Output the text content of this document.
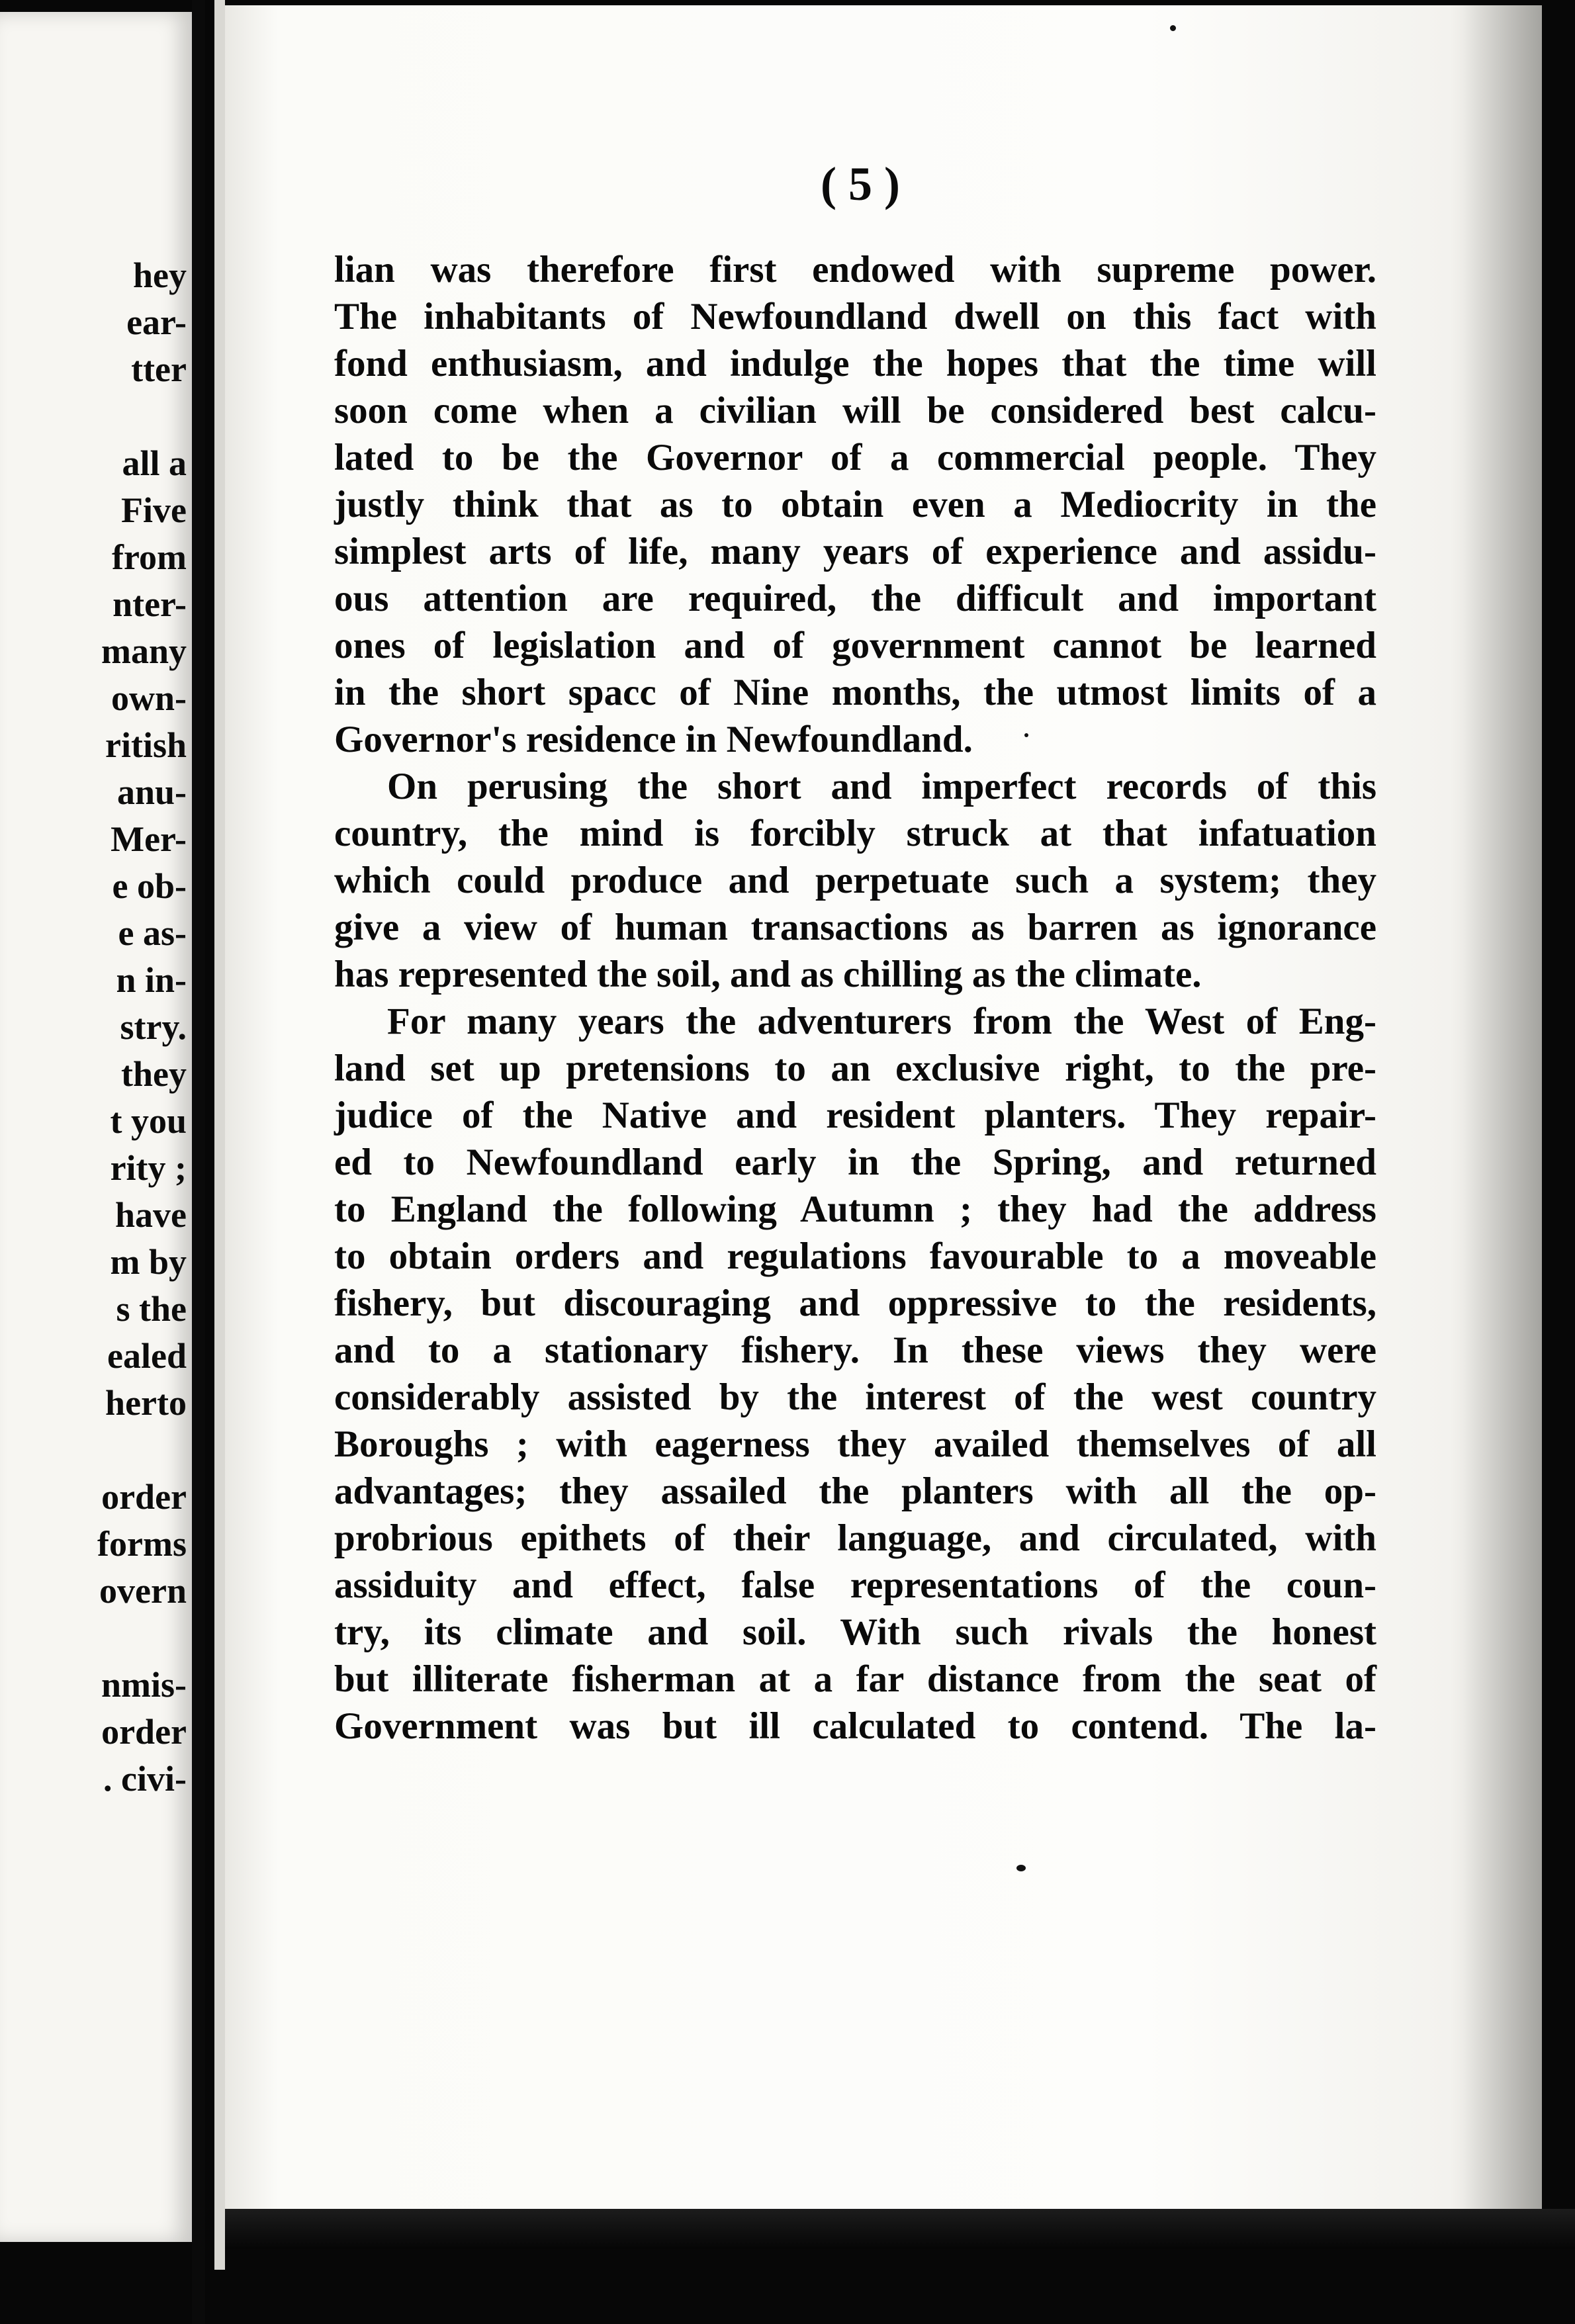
hey
ear-
tter
all a
Five
from
nter-
many
own-
ritish
anu-
Mer-
e ob-
e as-
n in-
stry.
they
t you
rity ;
have
m by
s the
ealed
herto
order
forms
overn
nmis-
order
. civi-
( 5 )
lian was therefore first endowed with supreme power.
The inhabitants of Newfoundland dwell on this fact with
fond enthusiasm, and indulge the hopes that the time will
soon come when a civilian will be considered best calcu-
lated to be the Governor of a commercial people. They
justly think that as to obtain even a Mediocrity in the
simplest arts of life, many years of experience and assidu-
ous attention are required, the difficult and important
ones of legislation and of government cannot be learned
in the short spacc of Nine months, the utmost limits of a
Governor's residence in Newfoundland.
On perusing the short and imperfect records of this
country, the mind is forcibly struck at that infatuation
which could produce and perpetuate such a system; they
give a view of human transactions as barren as ignorance
has represented the soil, and as chilling as the climate.
For many years the adventurers from the West of Eng-
land set up pretensions to an exclusive right, to the pre-
judice of the Native and resident planters. They repair-
ed to Newfoundland early in the Spring, and returned
to England the following Autumn ; they had the address
to obtain orders and regulations favourable to a moveable
fishery, but discouraging and oppressive to the residents,
and to a stationary fishery. In these views they were
considerably assisted by the interest of the west country
Boroughs ; with eagerness they availed themselves of all
advantages; they assailed the planters with all the op-
probrious epithets of their language, and circulated, with
assiduity and effect, false representations of the coun-
try, its climate and soil. With such rivals the honest
but illiterate fisherman at a far distance from the seat of
Government was but ill calculated to contend. The la-
